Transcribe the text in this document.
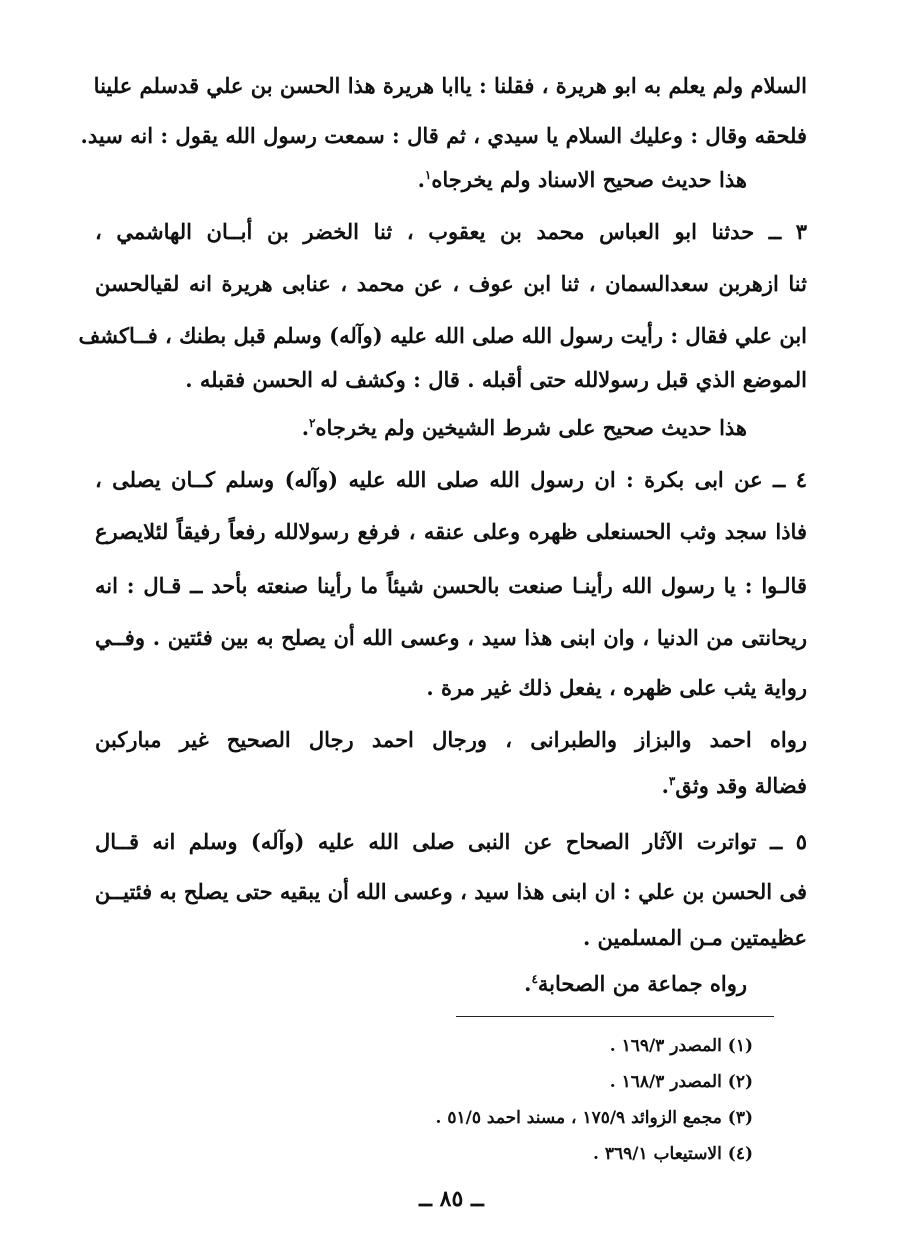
السلام ولم يعلم به ابو هريرة ، فقلنا : ياابا هريرة هذا الحسن بن علي قدسلم علينا
فلحقه وقال : وعليك السلام يا سيدي ، ثم قال : سمعت رسول الله يقول : انه سيد.
هذا حديث صحيح الاسناد ولم يخرجاه$^١$.
٣ ــ حدثنا ابو العباس محمد بن يعقوب ، ثنا الخضر بن أبــان الهاشمي ،
ثنا ازهربن سعدالسمان ، ثنا ابن عوف ، عن محمد ، عنابى هريرة انه لقيالحسن
ابن علي فقال : رأيت رسول الله صلى الله عليه (وآله) وسلم قبل بطنك ، فــاكشف
الموضع الذي قبل رسولالله حتى أقبله . قال : وكشف له الحسن فقبله .
هذا حديث صحيح على شرط الشيخين ولم يخرجاه$^٢$.
٤ ــ عن ابى بكرة : ان رسول الله صلى الله عليه (وآله) وسلم كــان يصلى ،
فاذا سجد وثب الحسنعلى ظهره وعلى عنقه ، فرفع رسولالله رفعاً رفيقاً لئلايصرع
قالـوا : يا رسول الله رأينـا صنعت بالحسن شيئاً ما رأينا صنعته بأحد ــ قـال : انه
ريحانتى من الدنيا ، وان ابنى هذا سيد ، وعسى الله أن يصلح به بين فئتين . وفــي
رواية يثب على ظهره ، يفعل ذلك غير مرة .
رواه احمد والبزاز والطبرانى ، ورجال احمد رجال الصحيح غير مباركبن
فضالة وقد وثق$^٣$.
٥ ــ تواترت الآثار الصحاح عن النبى صلى الله عليه (وآله) وسلم انه قــال
فى الحسن بن علي : ان ابنى هذا سيد ، وعسى الله أن يبقيه حتى يصلح به فئتيــن
عظيمتين مـن المسلمين .
رواه جماعة من الصحابة$^٤$.
(١) المصدر ١٦٩/٣ .
(٢) المصدر ١٦٨/٣ .
(٣) مجمع الزوائد ١٧٥/٩ ، مسند احمد ٥١/٥ .
(٤) الاستيعاب ٣٦٩/١ .
ــ ٨٥ ــ
